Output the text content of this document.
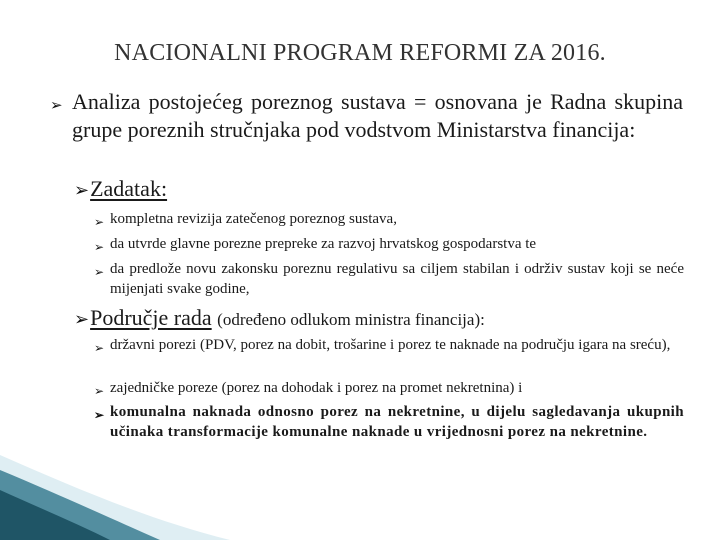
NACIONALNI PROGRAM REFORMI ZA 2016.
➢ Analiza postojećeg poreznog sustava = osnovana je Radna skupina grupe poreznih stručnjaka pod vodstvom Ministarstva financija:
➢Zadatak:
➢ kompletna revizija zatečenog poreznog sustava,
➢ da utvrde glavne porezne prepreke za razvoj hrvatskog gospodarstva te
➢ da predlože novu zakonsku poreznu regulativu sa ciljem stabilan i održiv sustav koji se neće mijenjati svake godine,
➢Područje rada (određeno odlukom ministra financija):
➢ državni porezi (PDV, porez na dobit, trošarine i porez te naknade na području igara na sreću),
➢ zajedničke poreze (porez na dohodak i porez na promet nekretnina) i
➢ komunalna naknada odnosno porez na nekretnine, u dijelu sagledavanja ukupnih učinaka transformacije komunalne naknade u vrijednosni porez na nekretnine.
